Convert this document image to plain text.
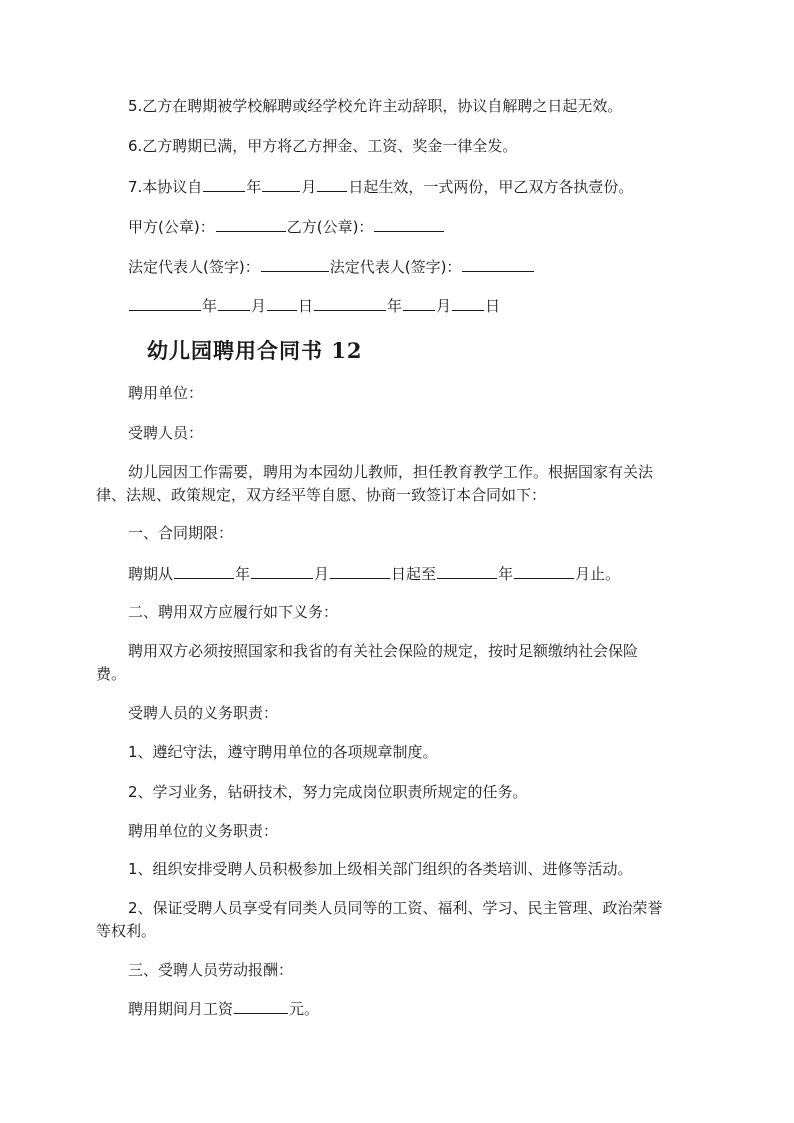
5.乙方在聘期被学校解聘或经学校允许主动辞职，协议自解聘之日起无效。
6.乙方聘期已满，甲方将乙方押金、工资、奖金一律全发。
7.本协议自	年	月 日起生效，一式两份，甲乙双方各执壹份。
甲方(公章)：	乙方(公章)：
法定代表人(签字)：	法定代表人(签字)：
年 月 日	年 月 日
幼儿园聘用合同书 12
聘用单位：
受聘人员：
幼儿园因工作需要，聘用为本园幼儿教师，担任教育教学工作。根据国家有关法
律、法规、政策规定，双方经平等自愿、协商一致签订本合同如下：
一、合同期限：
聘期从	年	月	日起至	年	月止。
二、聘用双方应履行如下义务：
聘用双方必须按照国家和我省的有关社会保险的规定，按时足额缴纳社会保险
费。
受聘人员的义务职责：
1、遵纪守法，遵守聘用单位的各项规章制度。
2、学习业务，钻研技术，努力完成岗位职责所规定的任务。
聘用单位的义务职责：
1、组织安排受聘人员积极参加上级相关部门组织的各类培训、进修等活动。
2、保证受聘人员享受有同类人员同等的工资、福利、学习、民主管理、政治荣誉
等权利。
三、受聘人员劳动报酬：
聘用期间月工资	元。
